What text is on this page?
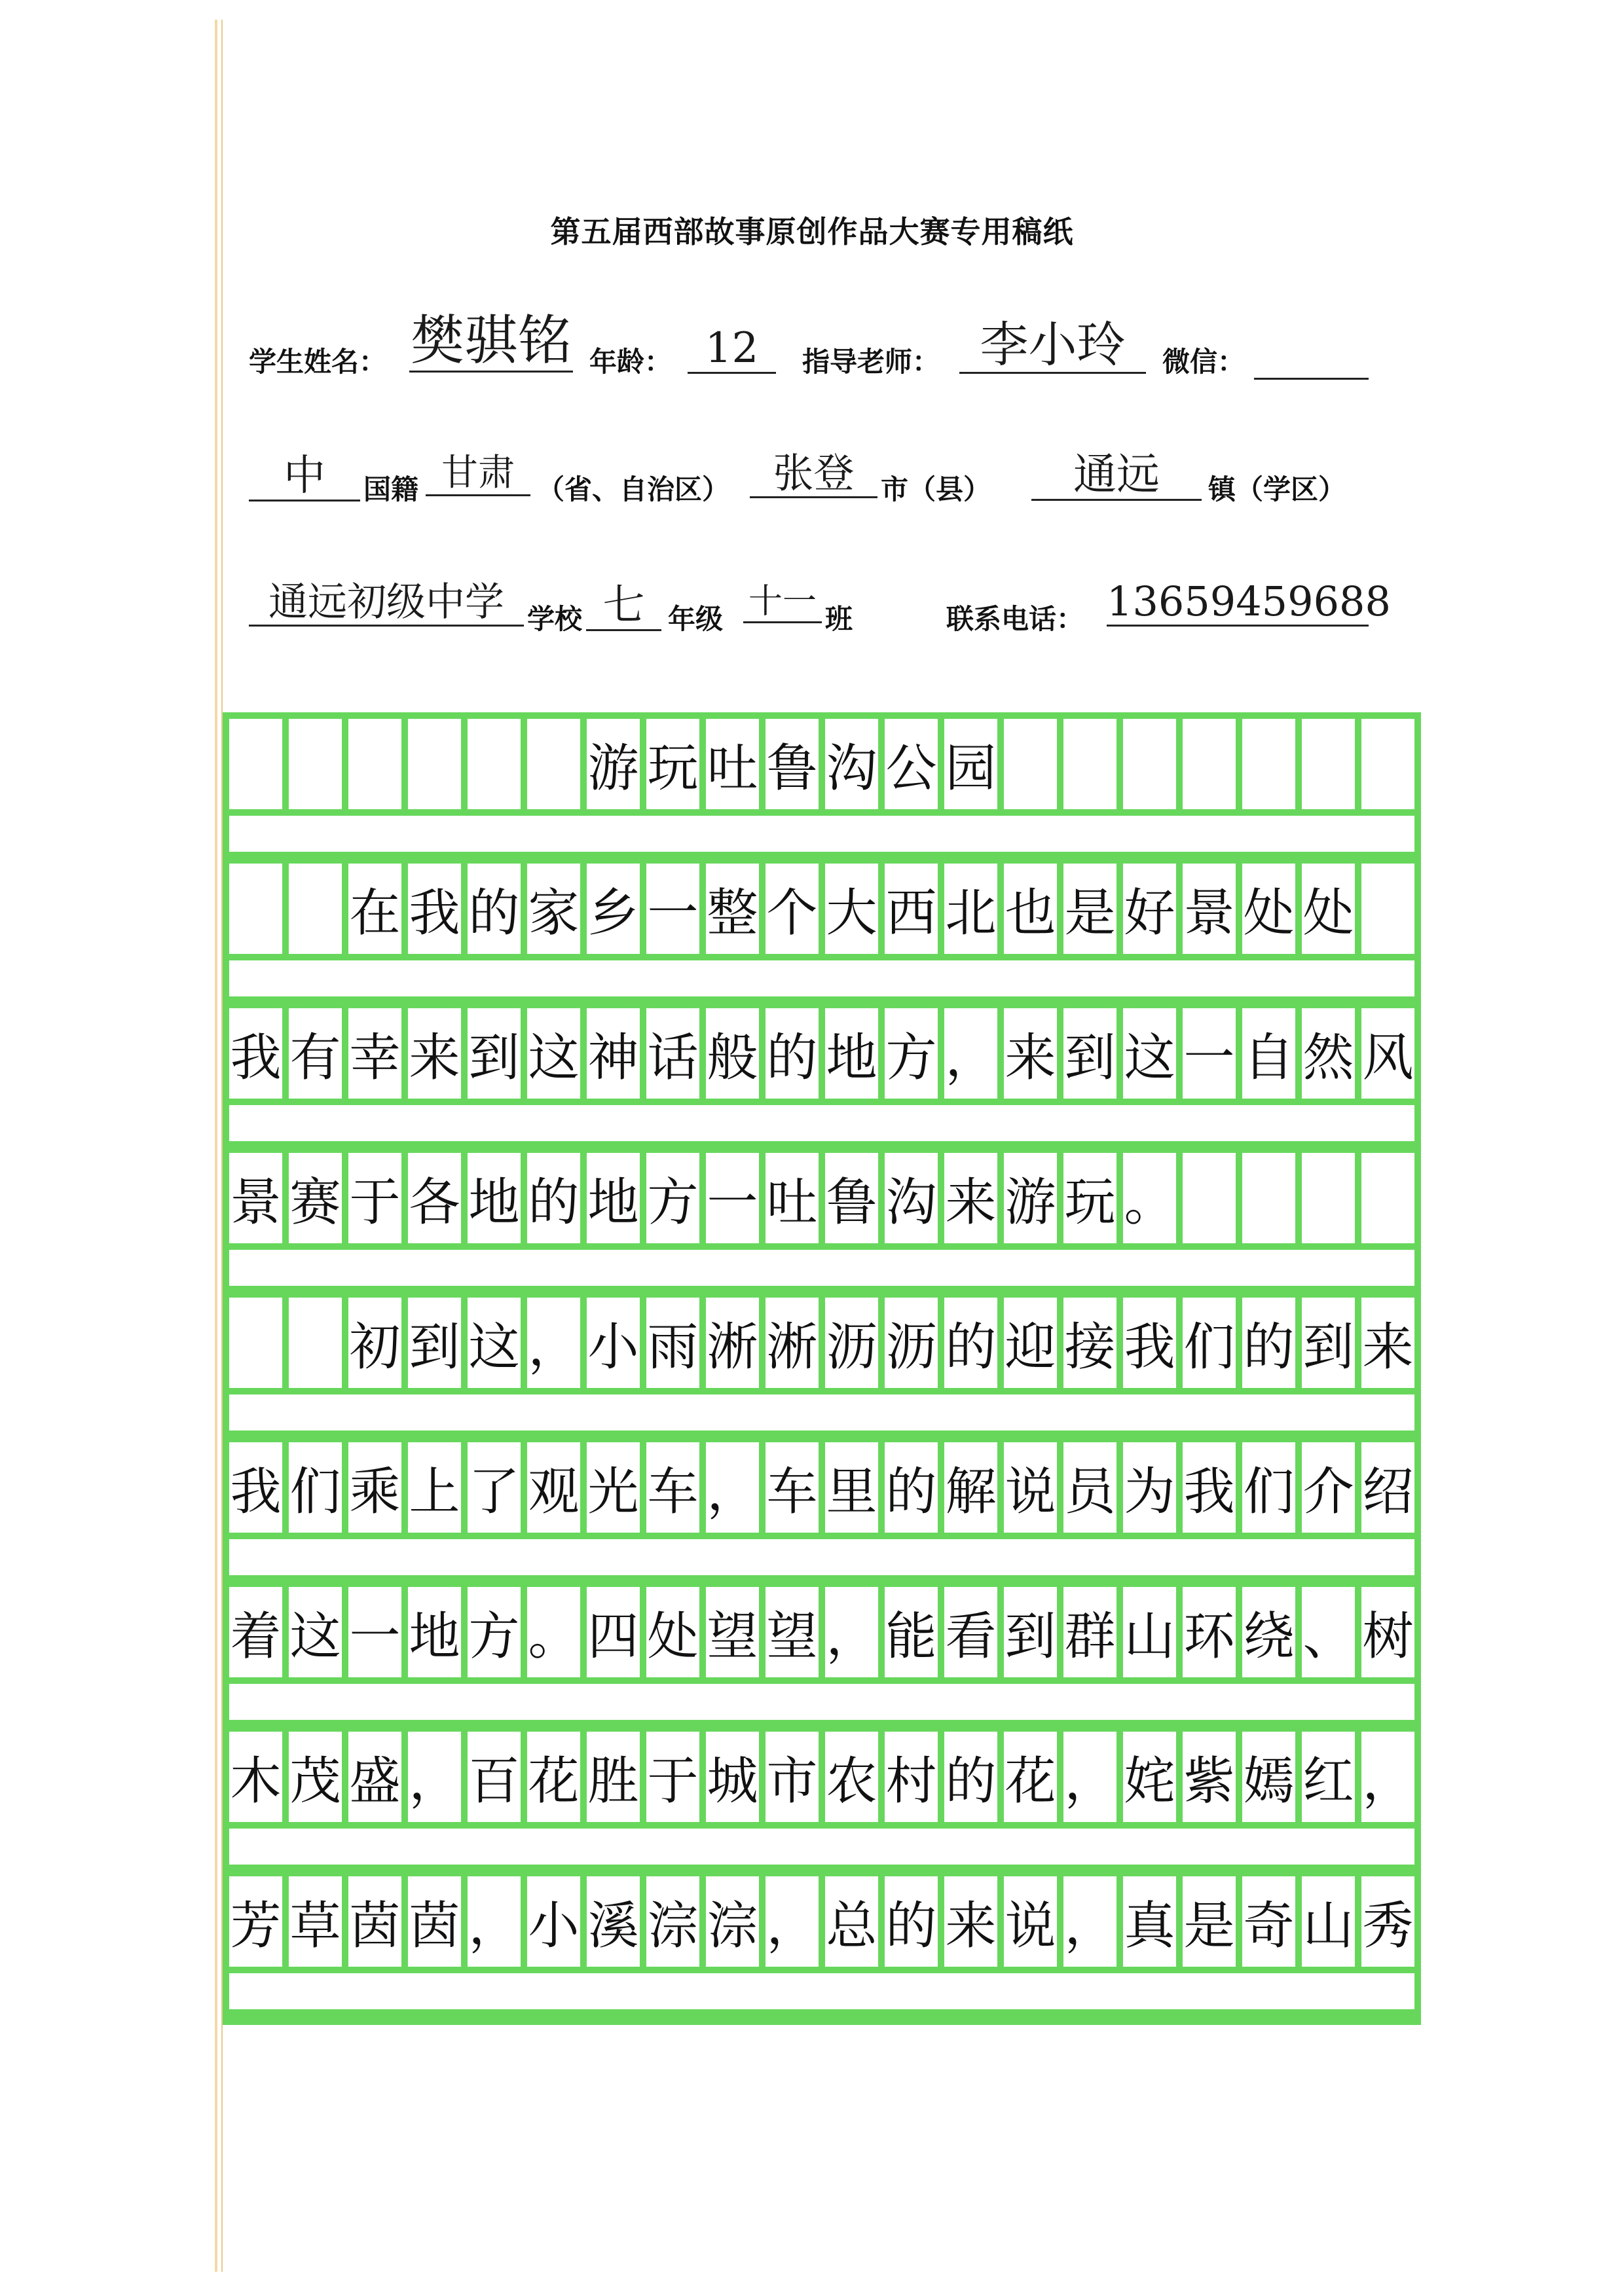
第五届西部故事原创作品大赛专用稿纸
学生姓名： 樊骐铭 年龄： 12	指导老师： 李小玲	微信：
中	国籍 甘肃 （省、自治区）	张登 市（县）	通远	镇（学区）
通远初级中学 学校 七 年级 十一 班	联系电话： 13659459688
游 玩 吐 鲁 沟 公 园
在 我 的 家 乡 一 整 个 大 西 北 也 是 好 景 处 处
我 有 幸 来 到 这 神 话 般 的 地 方 ， 来 到 这 一 自 然 风
景 赛 于 各 地 的 地 方 一 吐 鲁 沟 来 游 玩 。
初 到 这 ， 小 雨 淅 淅 沥 沥 的 迎 接 我 们 的 到 来
我 们 乘 上 了 观 光 车 ， 车 里 的 解 说 员 为 我 们 介 绍
着 这 一 地 方 。 四 处 望 望 ， 能 看 到 群 山 环 绕 、 树
木 茂 盛 ， 百 花 胜 于 城 市 农 村 的 花 ， 姹 紫 嫣 红 ，
芳 草 茵 茵 ， 小 溪 淙 淙 ， 总 的 来 说 ， 真 是 奇 山 秀
